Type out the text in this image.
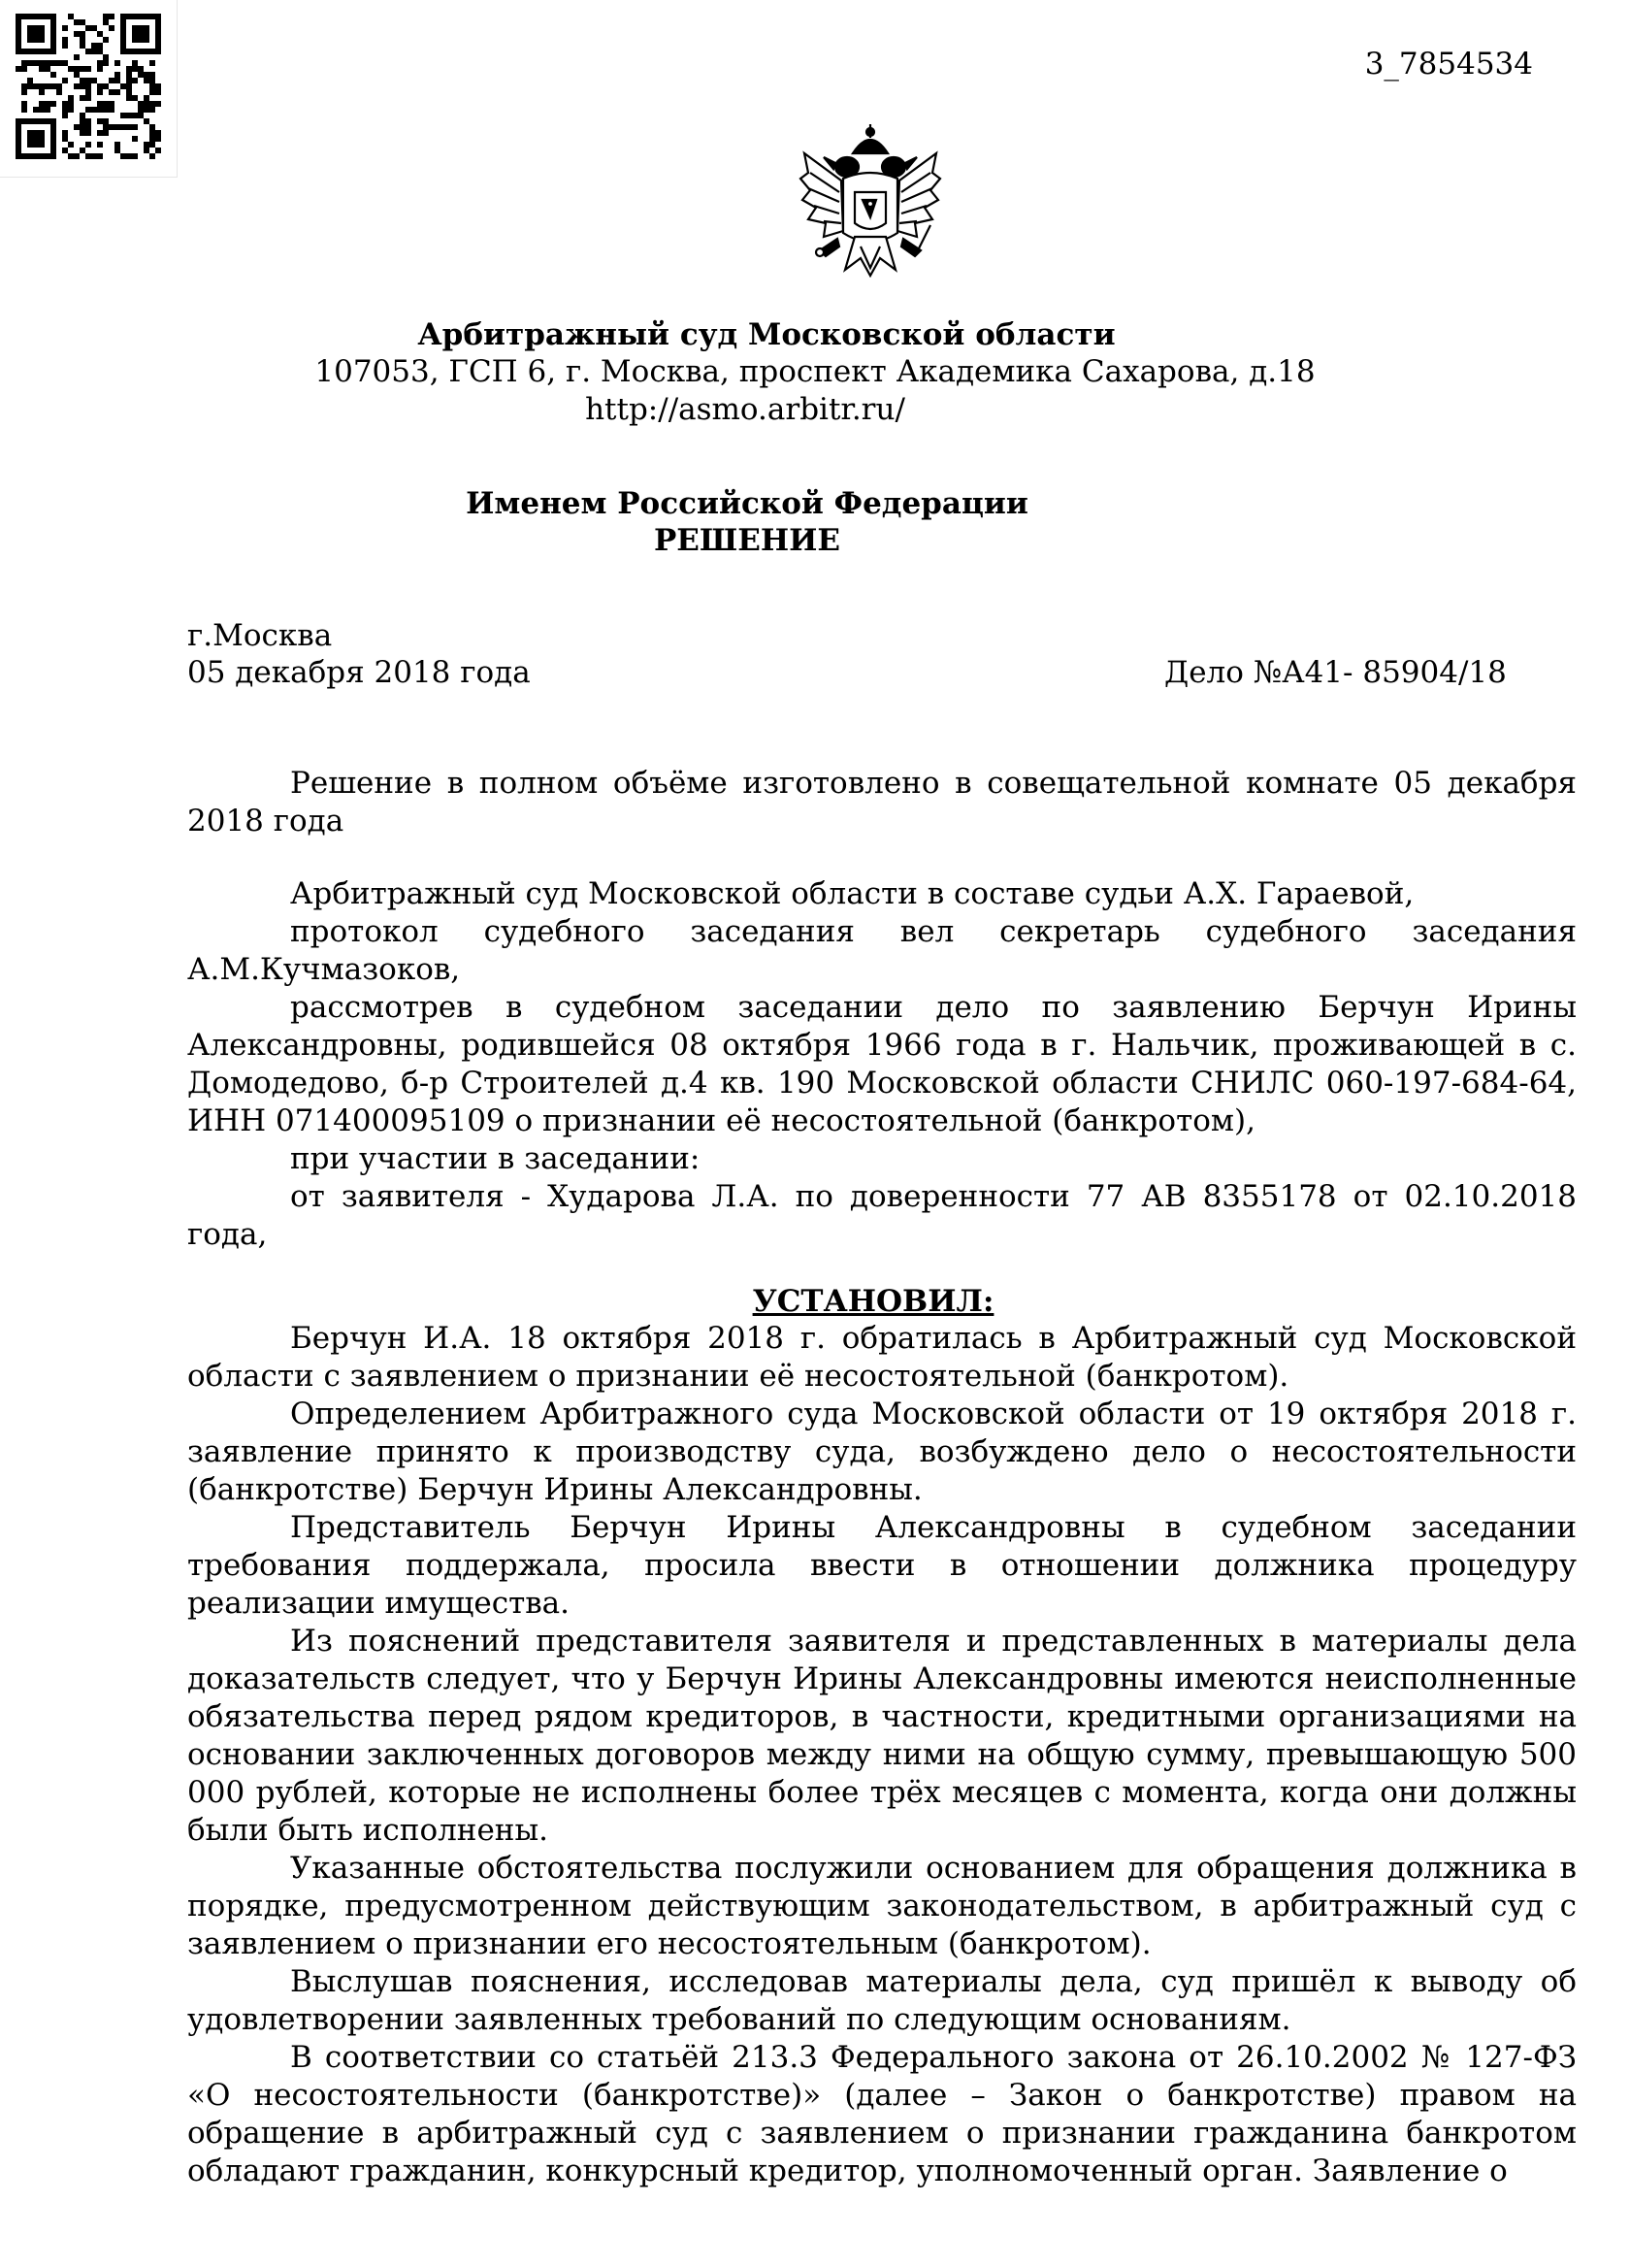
3_7854534
Арбитражный суд Московской области
107053, ГСП 6, г. Москва, проспект Академика Сахарова, д.18
http://asmo.arbitr.ru/
Именем Российской Федерации
РЕШЕНИЕ
г.Москва
05 декабря 2018 года	Дело №А41- 85904/18

Решение в полном объёме изготовлено в совещательной комнате 05 декабря 2018 года

Арбитражный суд Московской области в составе судьи А.Х. Гараевой,

протокол судебного заседания вел секретарь судебного заседания А.М.Кучмазоков,

рассмотрев в судебном заседании дело по заявлению Берчун Ирины Александровны, родившейся 08 октября 1966 года в г. Нальчик, проживающей в с. Домодедово, б-р Строителей д.4 кв. 190 Московской области СНИЛС 060-197-684-64, ИНН 071400095109 о признании её несостоятельной (банкротом),

при участии в заседании:

от заявителя - Хударова Л.А. по доверенности 77 АВ 8355178 от 02.10.2018 года,

УСТАНОВИЛ:

Берчун И.А. 18 октября 2018 г. обратилась в Арбитражный суд Московской области с заявлением о признании её несостоятельной (банкротом).

Определением Арбитражного суда Московской области от 19 октября 2018 г. заявление принято к производству суда, возбуждено дело о несостоятельности (банкротстве) Берчун Ирины Александровны.

Представитель Берчун Ирины Александровны в судебном заседании требования поддержала, просила ввести в отношении должника процедуру реализации имущества.

Из пояснений представителя заявителя и представленных в материалы дела доказательств следует, что у Берчун Ирины Александровны имеются неисполненные обязательства перед рядом кредиторов, в частности, кредитными организациями на основании заключенных договоров между ними на общую сумму, превышающую 500 000 рублей, которые не исполнены более трёх месяцев с момента, когда они должны были быть исполнены.

Указанные обстоятельства послужили основанием для обращения должника в порядке, предусмотренном действующим законодательством, в арбитражный суд с заявлением о признании его несостоятельным (банкротом).

Выслушав пояснения, исследовав материалы дела, суд пришёл к выводу об удовлетворении заявленных требований по следующим основаниям.

В соответствии со статьёй 213.3 Федерального закона от 26.10.2002 № 127-ФЗ «О несостоятельности (банкротстве)» (далее – Закон о банкротстве) правом на обращение в арбитражный суд с заявлением о признании гражданина банкротом обладают гражданин, конкурсный кредитор, уполномоченный орган. Заявление о
